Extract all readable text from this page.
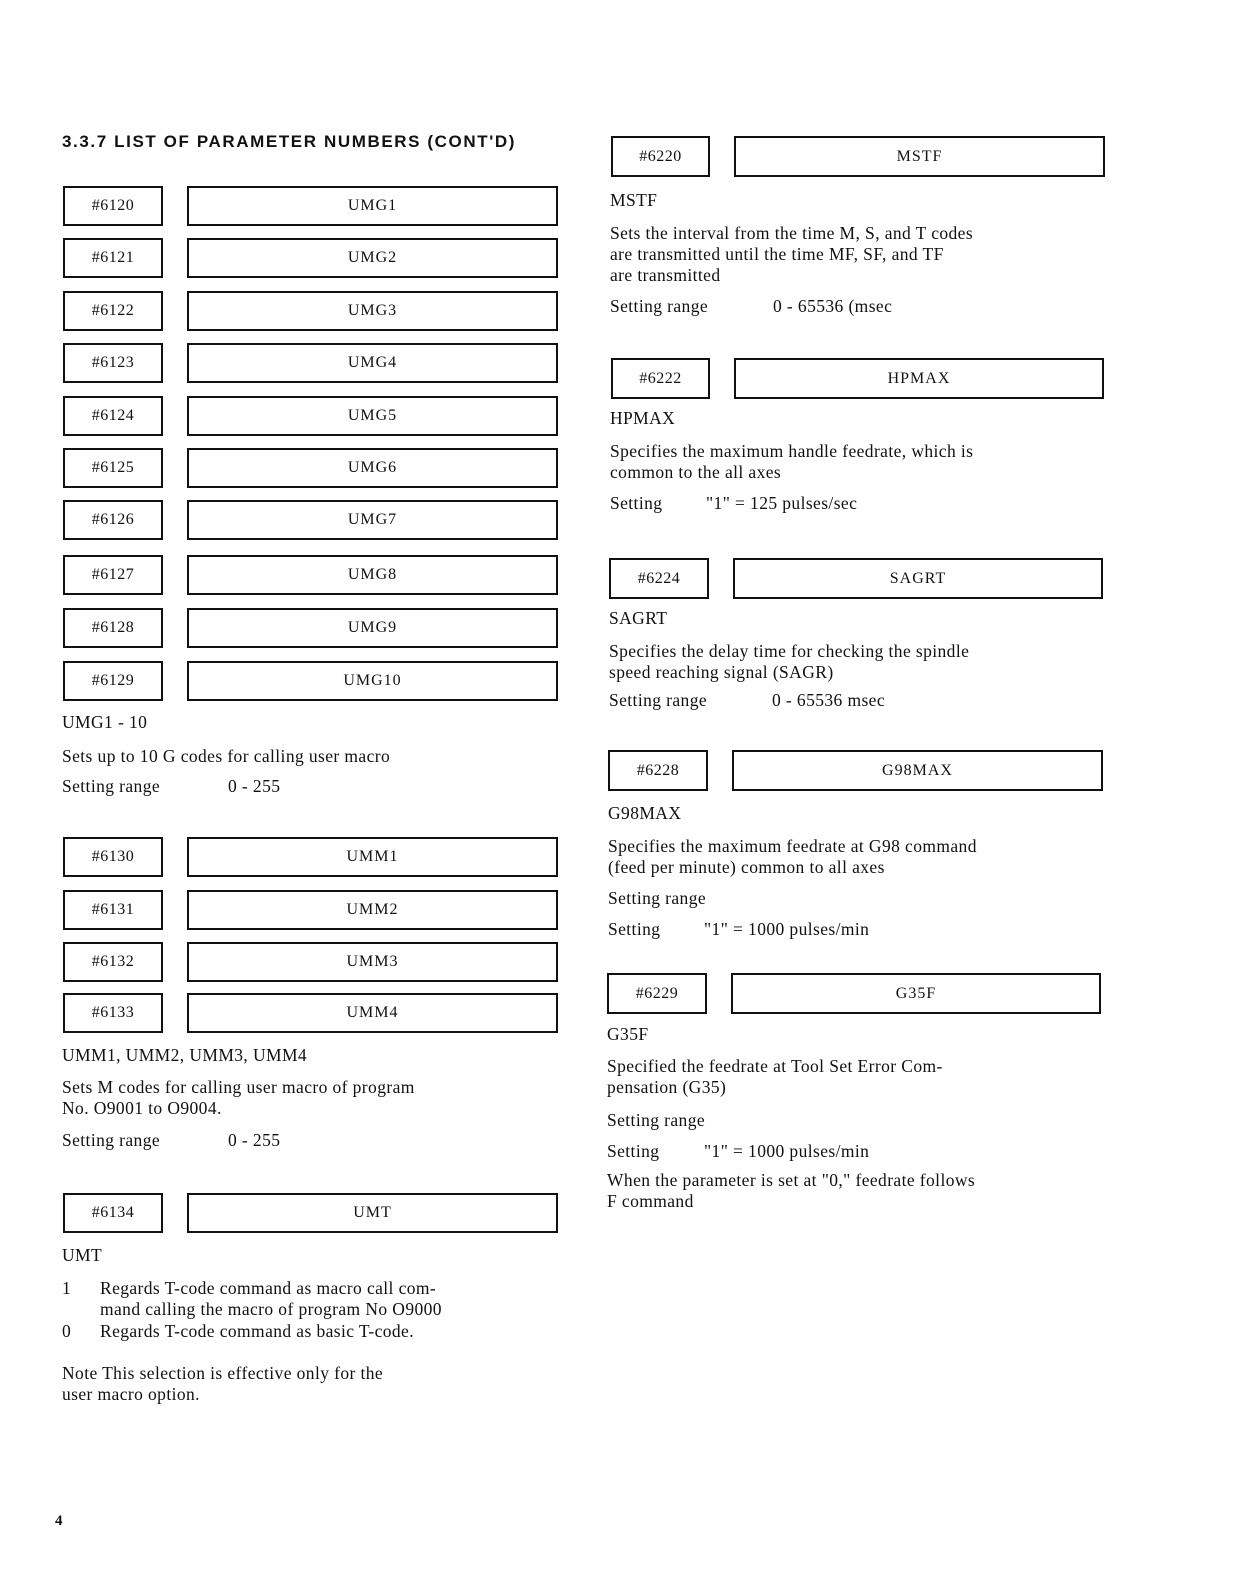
3.3.7 LIST OF PARAMETER NUMBERS (CONT'D)
#6120	UMG1
#6121	UMG2
#6122	UMG3
#6123	UMG4
#6124	UMG5
#6125	UMG6
#6126	UMG7
#6127	UMG8
#6128	UMG9
#6129	UMG10
UMG1 - 10
Sets up to 10 G codes for calling user macro
Setting range	0 - 255
#6130	UMM1
#6131	UMM2
#6132	UMM3
#6133	UMM4
UMM1, UMM2, UMM3, UMM4
Sets M codes for calling user macro of program
No. O9001 to O9004.
Setting range	0 - 255
#6134	UMT
UMT
1 Regards T-code command as macro call com-
mand calling the macro of program No O9000
0 Regards T-code command as basic T-code.
Note This selection is effective only for the
user macro option.
#6220	MSTF
MSTF
Sets the interval from the time M, S, and T codes
are transmitted until the time MF, SF, and TF
are transmitted
Setting range	0 - 65536 (msec
#6222	HPMAX
HPMAX
Specifies the maximum handle feedrate, which is
common to the all axes
Setting "1" = 125 pulses/sec
#6224	SAGRT
SAGRT
Specifies the delay time for checking the spindle
speed reaching signal (SAGR)
Setting range	0 - 65536 msec
#6228	G98MAX
G98MAX
Specifies the maximum feedrate at G98 command
(feed per minute) common to all axes
Setting range
Setting "1" = 1000 pulses/min
#6229	G35F
G35F
Specified the feedrate at Tool Set Error Com-
pensation (G35)
Setting range
Setting	"1" = 1000 pulses/min
When the parameter is set at "0," feedrate follows
F command
4
